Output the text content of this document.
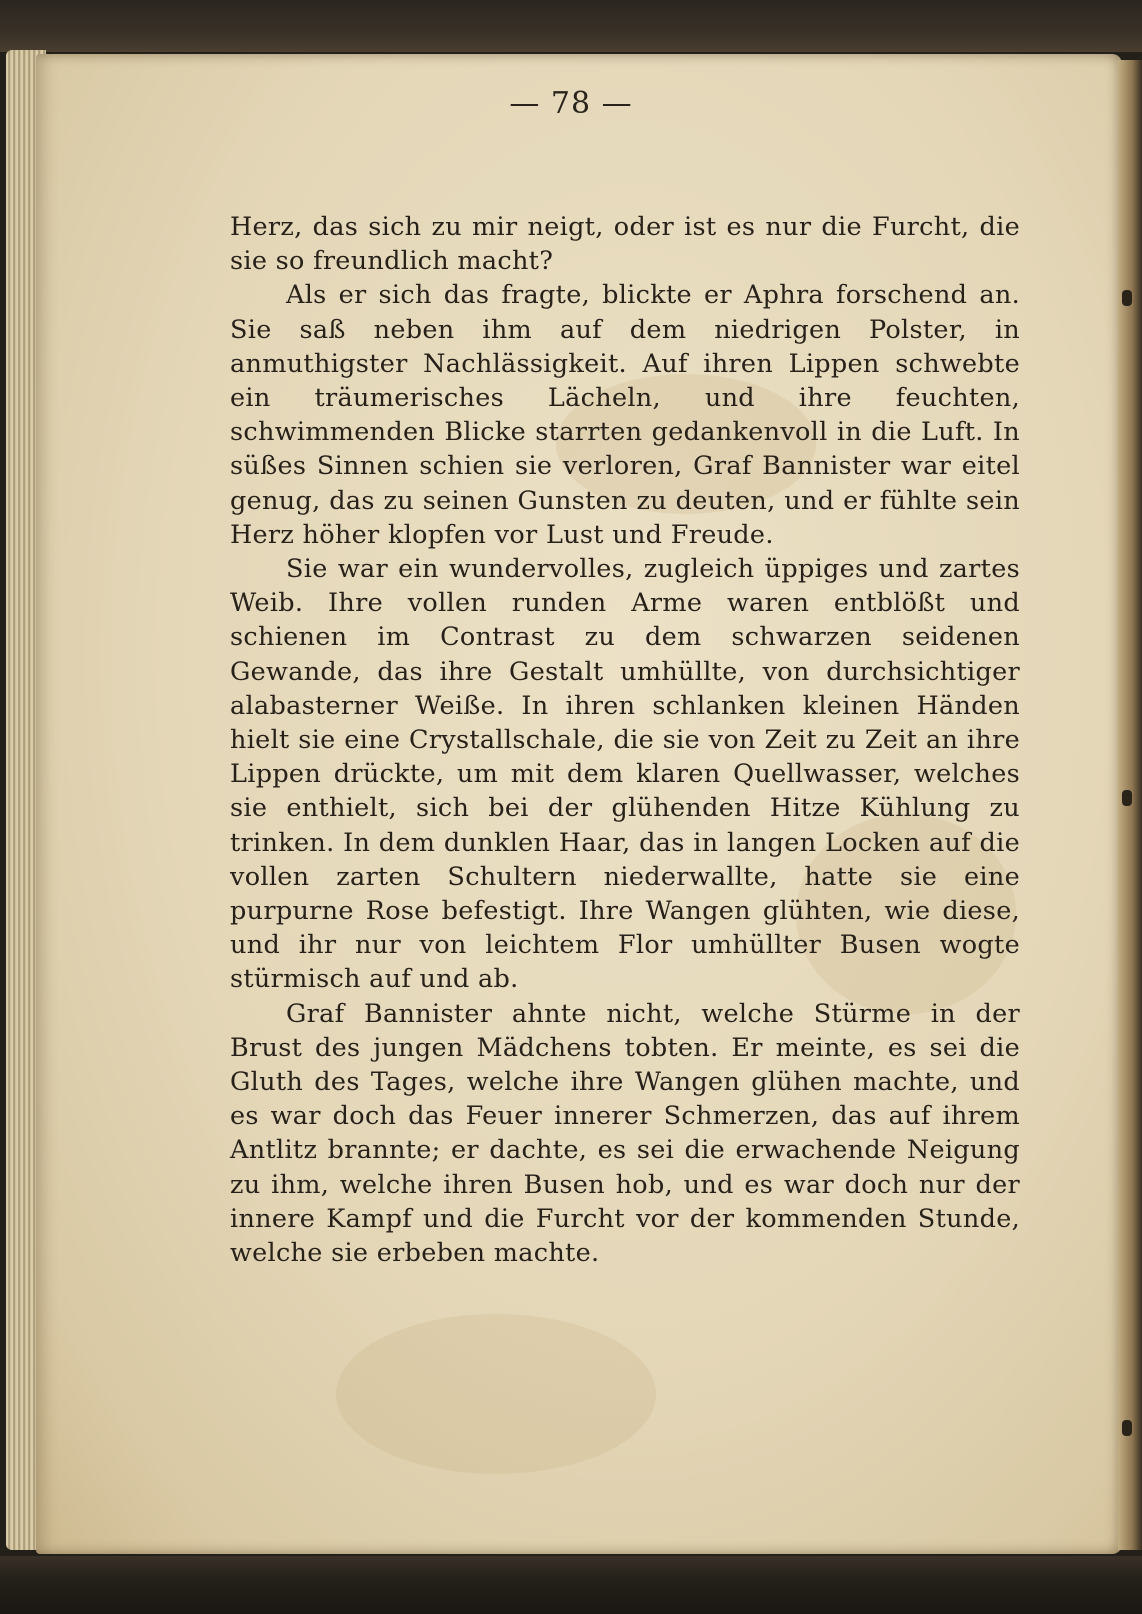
— 78 —

Herz, das sich zu mir neigt, oder ist es nur die Furcht, die sie so freundlich macht?

Als er sich das fragte, blickte er Aphra forschend an. Sie saß neben ihm auf dem niedrigen Polster, in anmuthigster Nachlässigkeit. Auf ihren Lippen schwebte ein träumerisches Lächeln, und ihre feuchten, schwimmenden Blicke starrten gedankenvoll in die Luft. In süßes Sinnen schien sie verloren, Graf Bannister war eitel genug, das zu seinen Gunsten zu deuten, und er fühlte sein Herz höher klopfen vor Lust und Freude.

Sie war ein wundervolles, zugleich üppiges und zartes Weib. Ihre vollen runden Arme waren entblößt und schienen im Contrast zu dem schwarzen seidenen Gewande, das ihre Gestalt umhüllte, von durchsichtiger alabasterner Weiße. In ihren schlanken kleinen Händen hielt sie eine Crystallschale, die sie von Zeit zu Zeit an ihre Lippen drückte, um mit dem klaren Quellwasser, welches sie enthielt, sich bei der glühenden Hitze Kühlung zu trinken. In dem dunklen Haar, das in langen Locken auf die vollen zarten Schultern niederwallte, hatte sie eine purpurne Rose befestigt. Ihre Wangen glühten, wie diese, und ihr nur von leichtem Flor umhüllter Busen wogte stürmisch auf und ab.

Graf Bannister ahnte nicht, welche Stürme in der Brust des jungen Mädchens tobten. Er meinte, es sei die Gluth des Tages, welche ihre Wangen glühen machte, und es war doch das Feuer innerer Schmerzen, das auf ihrem Antlitz brannte; er dachte, es sei die erwachende Neigung zu ihm, welche ihren Busen hob, und es war doch nur der innere Kampf und die Furcht vor der kommenden Stunde, welche sie erbeben machte.
